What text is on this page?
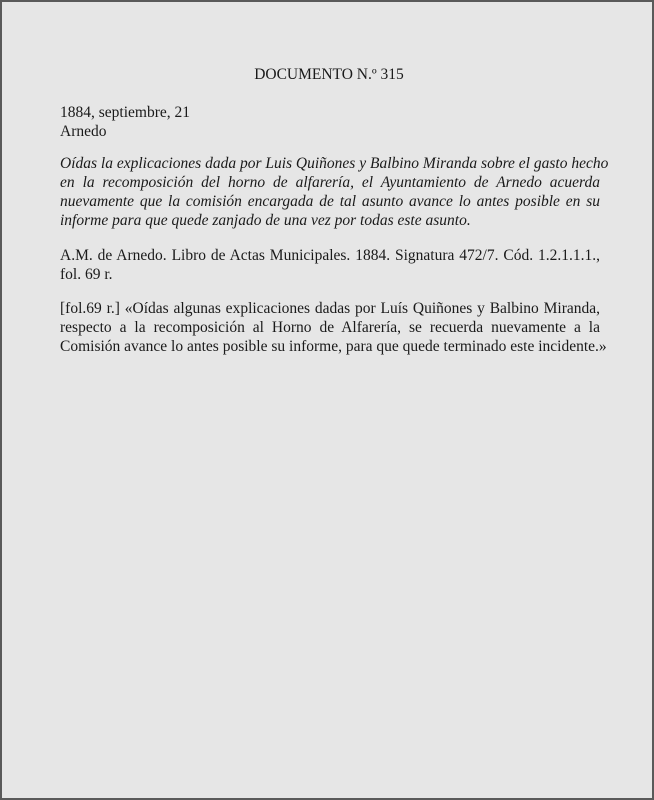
DOCUMENTO N.º 315
1884, septiembre, 21
Arnedo
Oídas la explicaciones dada por Luis Quiñones y Balbino Miranda sobre el gasto hecho
en la recomposición del horno de alfarería, el Ayuntamiento de Arnedo acuerda
nuevamente que la comisión encargada de tal asunto avance lo antes posible en su
informe para que quede zanjado de una vez por todas este asunto.
A.M. de Arnedo. Libro de Actas Municipales. 1884. Signatura 472/7. Cód. 1.2.1.1.1.,
fol. 69 r.
[fol.69 r.] «Oídas algunas explicaciones dadas por Luís Quiñones y Balbino Miranda,
respecto a la recomposición al Horno de Alfarería, se recuerda nuevamente a la
Comisión avance lo antes posible su informe, para que quede terminado este incidente.»
